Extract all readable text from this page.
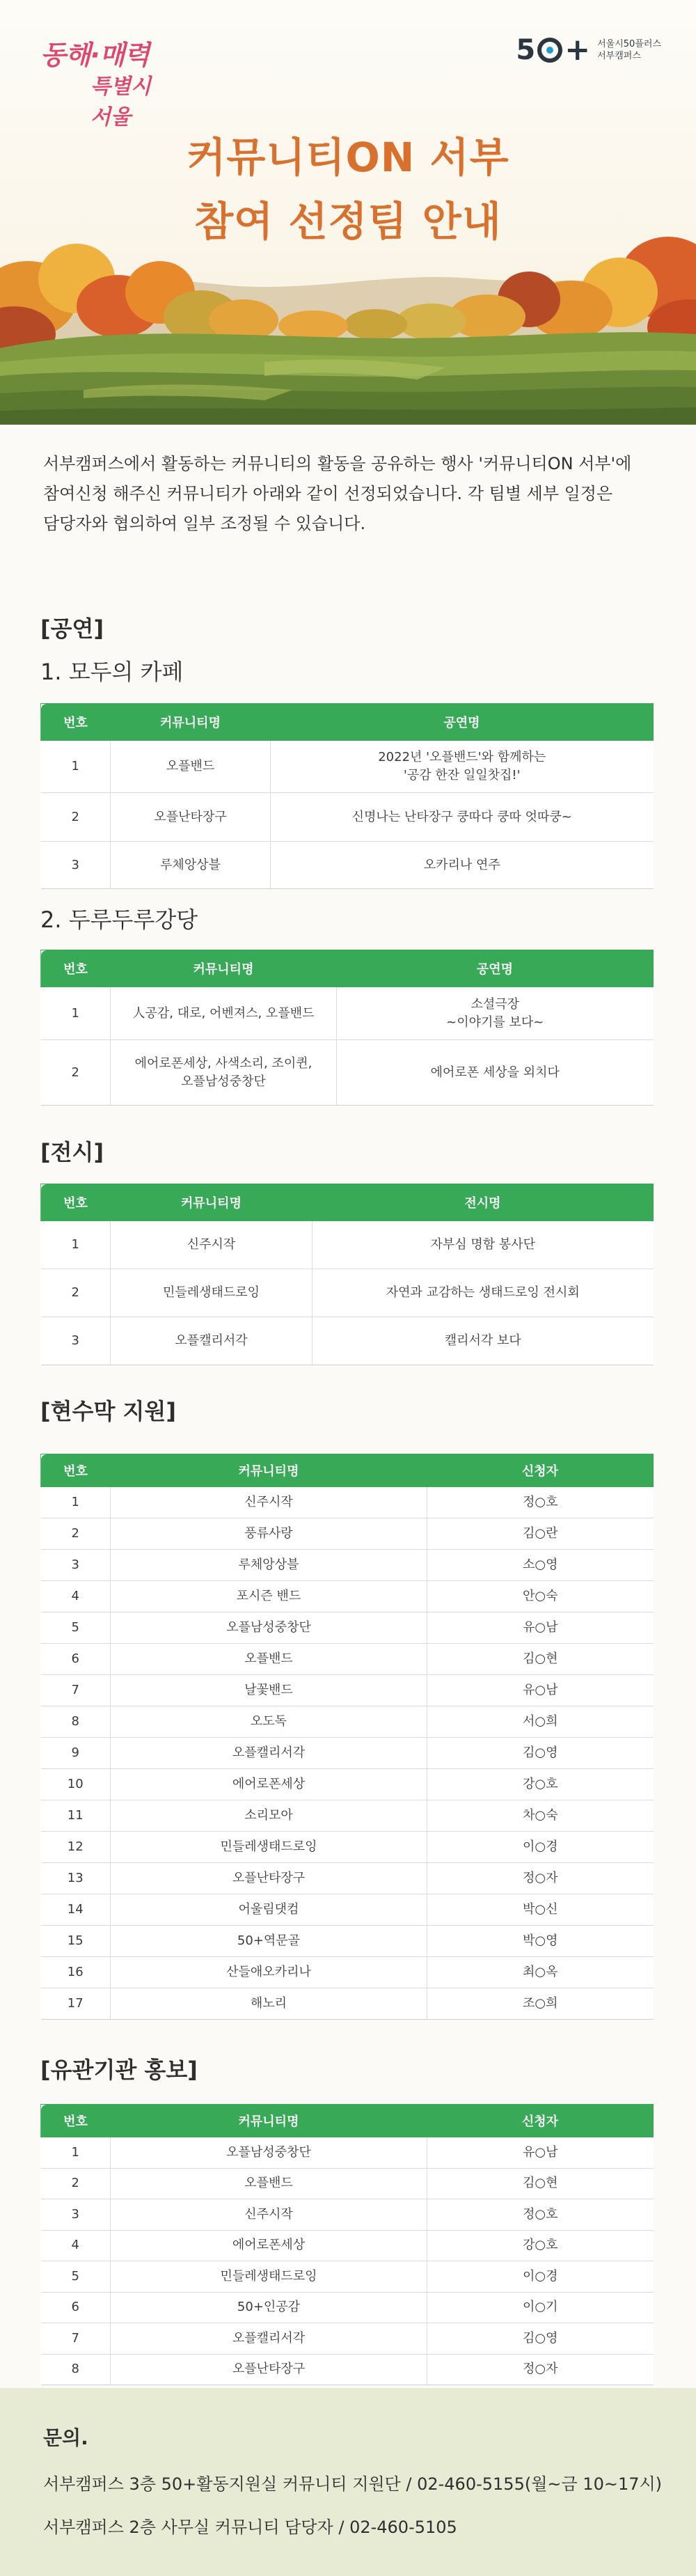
동해·매력
특별시 서울
5 + 서울시50플러스
서부캠퍼스
커뮤니티ON 서부
참여 선정팀 안내
서부캠퍼스에서 활동하는 커뮤니티의 활동을 공유하는 행사 '커뮤니티ON 서부'에
참여신청 해주신 커뮤니티가 아래와 같이 선정되었습니다. 각 팀별 세부 일정은
담당자와 협의하여 일부 조정될 수 있습니다.
[공연]
1. 모두의 카페
번호	커뮤니티명	공연명
1	오플밴드	2022년 '오플밴드'와 함께하는
'공감 한잔 일일찻집!'

2	오플난타장구	신명나는 난타장구 쿵따다 쿵따 엇따쿵~
3	루체앙상블	오카리나 연주
2. 두루두루강당
번호	커뮤니티명	공연명
1	人공감, 대로, 어벤져스, 오플밴드	소셜극장
~이야기를 보다~

2	에어로폰세상, 사색소리, 조이퀸,
오플남성중창단	에어로폰 세상을 외치다
[전시]
번호	커뮤니티명	전시명
1	신주시작	자부심 명함 봉사단
2	민들레생태드로잉	자연과 교감하는 생태드로잉 전시회
3	오플캘리서각	캘리서각 보다
[현수막 지원]
번호	커뮤니티명	신청자
1	신주시작	정○호
2	풍류사랑	김○란
3	루체앙상블	소○영
4	포시즌 밴드	안○숙
5	오플남성중창단	유○남
6	오플밴드	김○현
7	날꽃밴드	유○남
8	오도독	서○희
9	오플캘리서각	김○영
10	에어로폰세상	강○호
11	소리모아	차○숙
12	민들레생태드로잉	이○경
13	오플난타장구	정○자
14	어울림댓컴	박○신
15	50+역문골	박○영
16	산들애오카리나	최○옥
17	해노리	조○희
[유관기관 홍보]
번호	커뮤니티명	신청자
1	오플남성중창단	유○남
2	오플밴드	김○현
3	신주시작	정○호
4	에어로폰세상	강○호
5	민들레생태드로잉	이○경
6	50+인공감	이○기
7	오플캘리서각	김○영
8	오플난타장구	정○자
문의.
서부캠퍼스 3층 50+활동지원실 커뮤니티 지원단 / 02-460-5155(월~금 10~17시)
서부캠퍼스 2층 사무실 커뮤니티 담당자 / 02-460-5105
